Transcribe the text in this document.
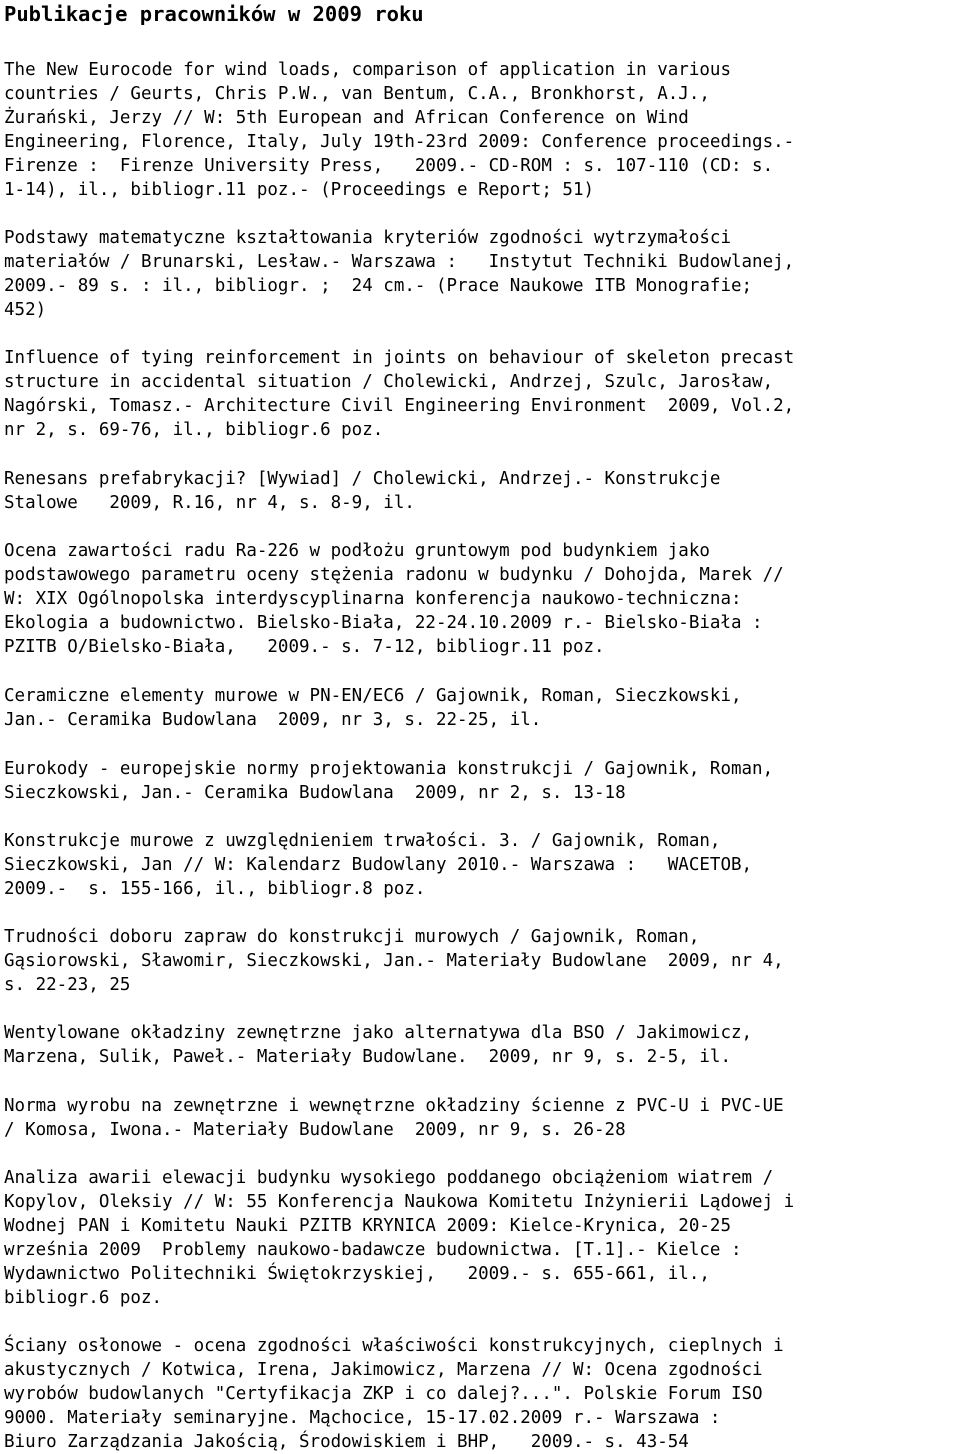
Publikacje pracowników w 2009 roku
The New Eurocode for wind loads, comparison of application in various
countries / Geurts, Chris P.W., van Bentum, C.A., Bronkhorst, A.J.,
Żurański, Jerzy // W: 5th European and African Conference on Wind
Engineering, Florence, Italy, July 19th-23rd 2009: Conference proceedings.-
Firenze :  Firenze University Press,   2009.- CD-ROM : s. 107-110 (CD: s.
1-14), il., bibliogr.11 poz.- (Proceedings e Report; 51)
Podstawy matematyczne kształtowania kryteriów zgodności wytrzymałości
materiałów / Brunarski, Lesław.- Warszawa :   Instytut Techniki Budowlanej,
2009.- 89 s. : il., bibliogr. ;  24 cm.- (Prace Naukowe ITB Monografie;
452)
Influence of tying reinforcement in joints on behaviour of skeleton precast
structure in accidental situation / Cholewicki, Andrzej, Szulc, Jarosław,
Nagórski, Tomasz.- Architecture Civil Engineering Environment  2009, Vol.2,
nr 2, s. 69-76, il., bibliogr.6 poz.
Renesans prefabrykacji? [Wywiad] / Cholewicki, Andrzej.- Konstrukcje
Stalowe   2009, R.16, nr 4, s. 8-9, il.
Ocena zawartości radu Ra-226 w podłożu gruntowym pod budynkiem jako
podstawowego parametru oceny stężenia radonu w budynku / Dohojda, Marek //
W: XIX Ogólnopolska interdyscyplinarna konferencja naukowo-techniczna:
Ekologia a budownictwo. Bielsko-Biała, 22-24.10.2009 r.- Bielsko-Biała :
PZITB O/Bielsko-Biała,   2009.- s. 7-12, bibliogr.11 poz.
Ceramiczne elementy murowe w PN-EN/EC6 / Gajownik, Roman, Sieczkowski,
Jan.- Ceramika Budowlana  2009, nr 3, s. 22-25, il.
Eurokody - europejskie normy projektowania konstrukcji / Gajownik, Roman,
Sieczkowski, Jan.- Ceramika Budowlana  2009, nr 2, s. 13-18
Konstrukcje murowe z uwzględnieniem trwałości. 3. / Gajownik, Roman,
Sieczkowski, Jan // W: Kalendarz Budowlany 2010.- Warszawa :   WACETOB,
2009.-  s. 155-166, il., bibliogr.8 poz.
Trudności doboru zapraw do konstrukcji murowych / Gajownik, Roman,
Gąsiorowski, Sławomir, Sieczkowski, Jan.- Materiały Budowlane  2009, nr 4,
s. 22-23, 25
Wentylowane okładziny zewnętrzne jako alternatywa dla BSO / Jakimowicz,
Marzena, Sulik, Paweł.- Materiały Budowlane.  2009, nr 9, s. 2-5, il.
Norma wyrobu na zewnętrzne i wewnętrzne okładziny ścienne z PVC-U i PVC-UE
/ Komosa, Iwona.- Materiały Budowlane  2009, nr 9, s. 26-28
Analiza awarii elewacji budynku wysokiego poddanego obciążeniom wiatrem /
Kopylov, Oleksiy // W: 55 Konferencja Naukowa Komitetu Inżynierii Lądowej i
Wodnej PAN i Komitetu Nauki PZITB KRYNICA 2009: Kielce-Krynica, 20-25
września 2009  Problemy naukowo-badawcze budownictwa. [T.1].- Kielce :
Wydawnictwo Politechniki Świętokrzyskiej,   2009.- s. 655-661, il.,
bibliogr.6 poz.
Ściany osłonowe - ocena zgodności właściwości konstrukcyjnych, cieplnych i
akustycznych / Kotwica, Irena, Jakimowicz, Marzena // W: Ocena zgodności
wyrobów budowlanych "Certyfikacja ZKP i co dalej?...". Polskie Forum ISO
9000. Materiały seminaryjne. Mąchocice, 15-17.02.2009 r.- Warszawa :
Biuro Zarządzania Jakością, Środowiskiem i BHP,   2009.- s. 43-54
